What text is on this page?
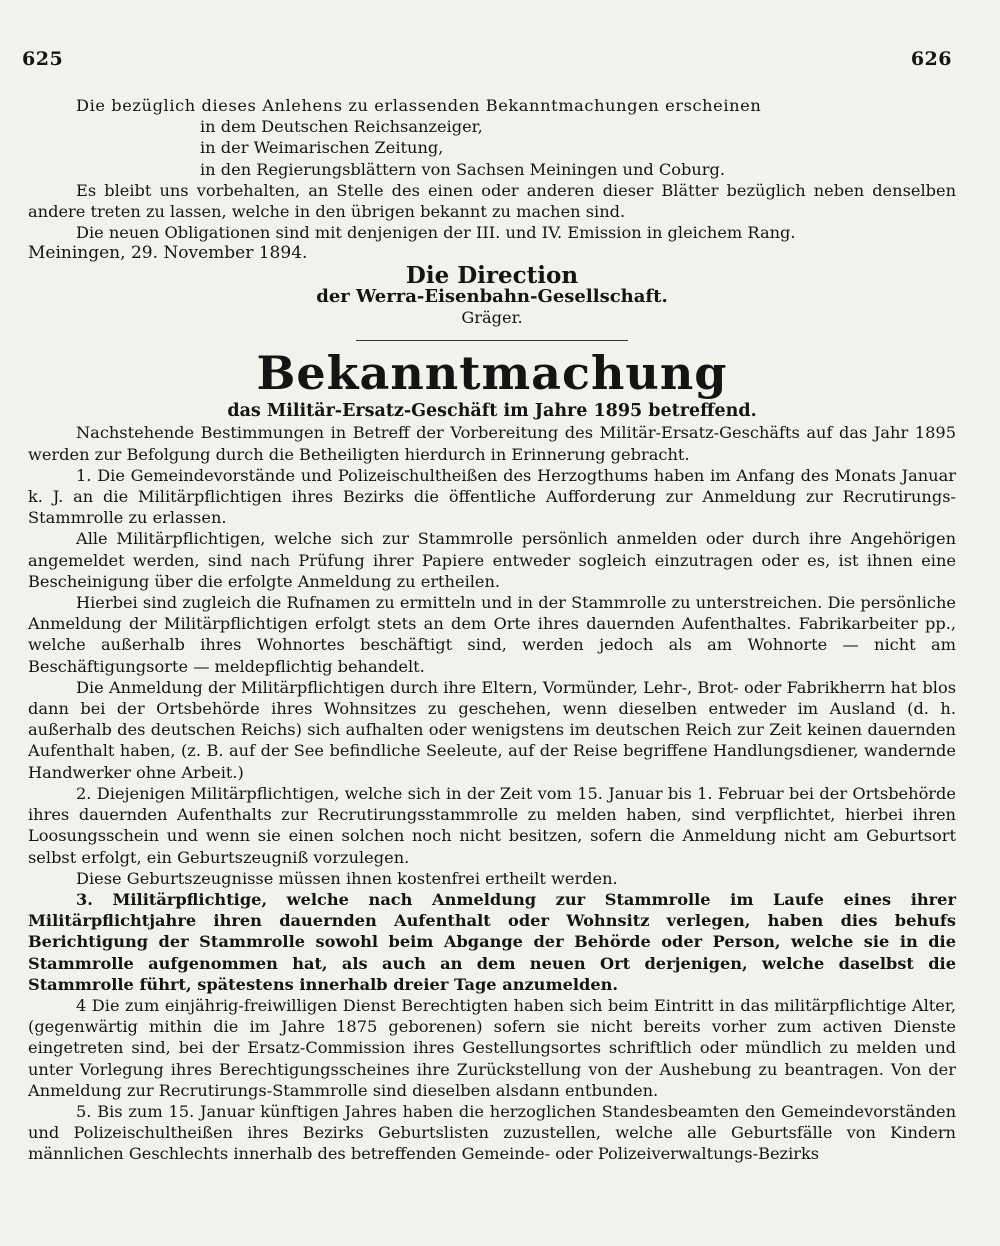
625	626

Die bezüglich dieses Anlehens zu erlassenden Bekanntmachungen erscheinen

in dem Deutschen Reichsanzeiger,

in der Weimarischen Zeitung,

in den Regierungsblättern von Sachsen Meiningen und Coburg.

Es bleibt uns vorbehalten, an Stelle des einen oder anderen dieser Blätter bezüglich neben denselben andere treten zu lassen, welche in den übrigen bekannt zu machen sind.

Die neuen Obligationen sind mit denjenigen der III. und IV. Emission in gleichem Rang.

Meiningen, 29. November 1894.

Die Direction

der Werra-Eisenbahn-Gesellschaft.

Gräger.

Bekanntmachung

das Militär-Ersatz-Geschäft im Jahre 1895 betreffend.

Nachstehende Bestimmungen in Betreff der Vorbereitung des Militär-Ersatz-Geschäfts auf das Jahr 1895 werden zur Befolgung durch die Betheiligten hierdurch in Erinnerung gebracht.

1. Die Gemeindevorstände und Polizeischultheißen des Herzogthums haben im Anfang des Monats Januar k. J. an die Militärpflichtigen ihres Bezirks die öffentliche Aufforderung zur Anmeldung zur Recrutirungs-Stammrolle zu erlassen.

Alle Militärpflichtigen, welche sich zur Stammrolle persönlich anmelden oder durch ihre Angehörigen angemeldet werden, sind nach Prüfung ihrer Papiere entweder sogleich einzutragen oder es, ist ihnen eine Bescheinigung über die erfolgte Anmeldung zu ertheilen.

Hierbei sind zugleich die Rufnamen zu ermitteln und in der Stammrolle zu unterstreichen. Die persönliche Anmeldung der Militärpflichtigen erfolgt stets an dem Orte ihres dauernden Aufenthaltes. Fabrikarbeiter pp., welche außerhalb ihres Wohnortes beschäftigt sind, werden jedoch als am Wohnorte — nicht am Beschäftigungsorte — meldepflichtig behandelt.

Die Anmeldung der Militärpflichtigen durch ihre Eltern, Vormünder, Lehr-, Brot- oder Fabrikherrn hat blos dann bei der Ortsbehörde ihres Wohnsitzes zu geschehen, wenn dieselben entweder im Ausland (d. h. außerhalb des deutschen Reichs) sich aufhalten oder wenigstens im deutschen Reich zur Zeit keinen dauernden Aufenthalt haben, (z. B. auf der See befindliche Seeleute, auf der Reise begriffene Handlungsdiener, wandernde Handwerker ohne Arbeit.)

2. Diejenigen Militärpflichtigen, welche sich in der Zeit vom 15. Januar bis 1. Februar bei der Ortsbehörde ihres dauernden Aufenthalts zur Recrutirungsstammrolle zu melden haben, sind verpflichtet, hierbei ihren Loosungsschein und wenn sie einen solchen noch nicht besitzen, sofern die Anmeldung nicht am Geburtsort selbst erfolgt, ein Geburtszeugniß vorzulegen.

Diese Geburtszeugnisse müssen ihnen kostenfrei ertheilt werden.

3. Militärpflichtige, welche nach Anmeldung zur Stammrolle im Laufe eines ihrer Militärpflichtjahre ihren dauernden Aufenthalt oder Wohnsitz verlegen, haben dies behufs Berichtigung der Stammrolle sowohl beim Abgange der Behörde oder Person, welche sie in die Stammrolle aufgenommen hat, als auch an dem neuen Ort derjenigen, welche daselbst die Stammrolle führt, spätestens innerhalb dreier Tage anzumelden.

4 Die zum einjährig-freiwilligen Dienst Berechtigten haben sich beim Eintritt in das militärpflichtige Alter, (gegenwärtig mithin die im Jahre 1875 geborenen) sofern sie nicht bereits vorher zum activen Dienste eingetreten sind, bei der Ersatz-Commission ihres Gestellungsortes schriftlich oder mündlich zu melden und unter Vorlegung ihres Berechtigungsscheines ihre Zurückstellung von der Aushebung zu beantragen. Von der Anmeldung zur Recrutirungs-Stammrolle sind dieselben alsdann entbunden.

5. Bis zum 15. Januar künftigen Jahres haben die herzoglichen Standesbeamten den Gemeindevorständen und Polizeischultheißen ihres Bezirks Geburtslisten zuzustellen, welche alle Geburtsfälle von Kindern männlichen Geschlechts innerhalb des betreffenden Gemeinde- oder Polizeiverwaltungs-Bezirks
